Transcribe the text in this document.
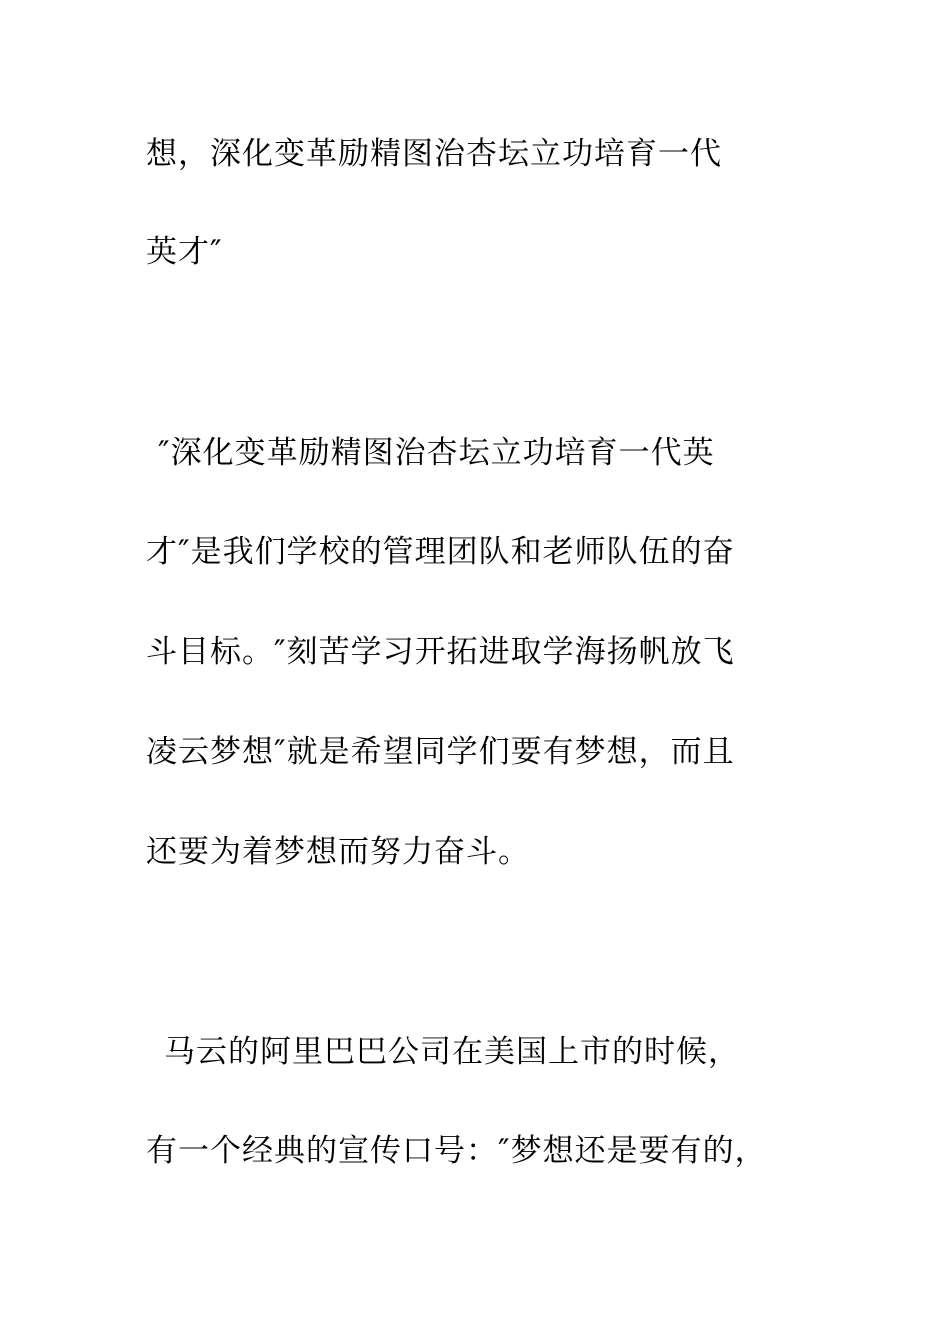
想，深化变革励精图治杏坛立功培育一代
英才″
″深化变革励精图治杏坛立功培育一代英
才″是我们学校的管理团队和老师队伍的奋
斗目标。″刻苦学习开拓进取学海扬帆放飞
凌云梦想″就是希望同学们要有梦想，而且
还要为着梦想而努力奋斗。
马云的阿里巴巴公司在美国上市的时候，
有一个经典的宣传口号：″梦想还是要有的，
